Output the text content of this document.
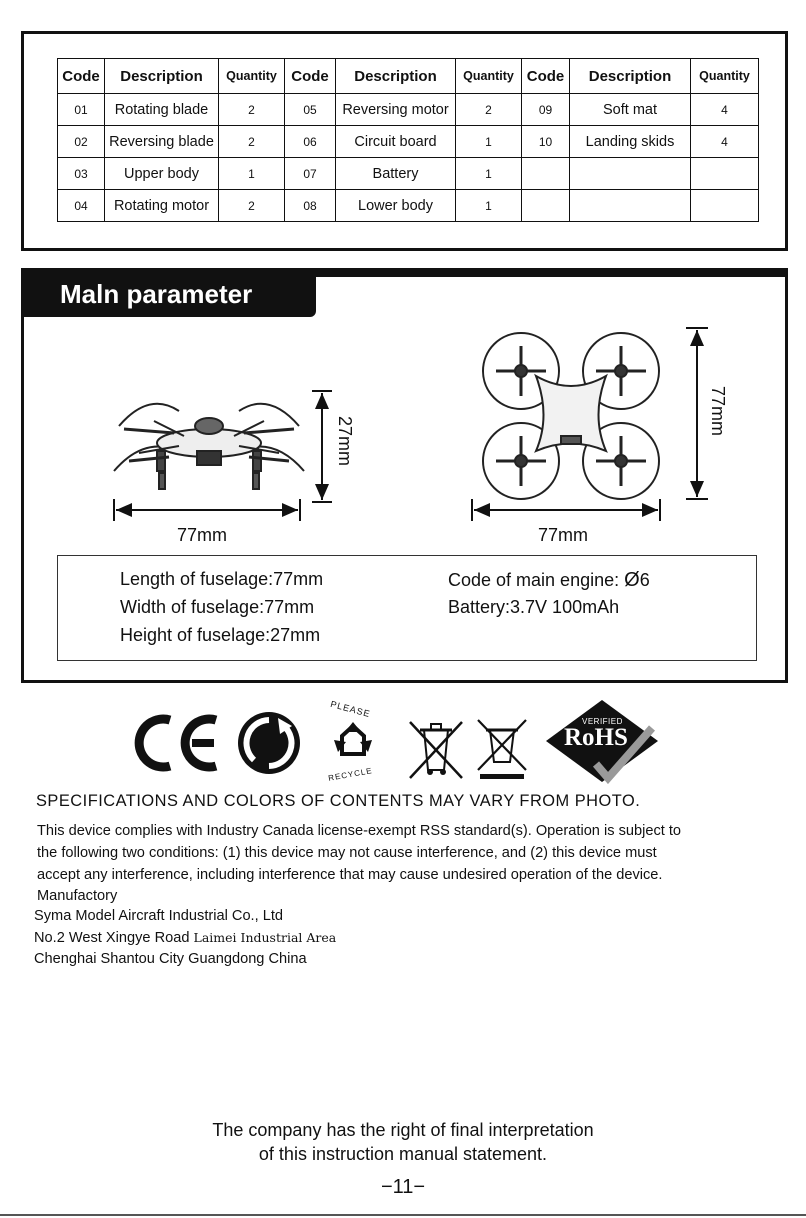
Code	Description	Quantity	Code	Description	Quantity	Code	Description	Quantity
01	Rotating blade	2	05	Reversing motor	2	09	Soft mat	4
02	Reversing blade	2	06	Circuit board	1	10	Landing skids	4
03	Upper body	1	07	Battery	1			
04	Rotating motor	2	08	Lower body	1			
Maln parameter
27mm
77mm
77mm
77mm
Length of fuselage:77mm
Width of fuselage:77mm
Height of fuselage:27mm
Code of main engine: Ø6
Battery:3.7V 100mAh
PLEASE
RECYCLE
VERIFIED
RoHS
SPECIFICATIONS AND COLORS OF CONTENTS MAY VARY FROM PHOTO.

This device complies with Industry Canada license-exempt RSS standard(s). Operation is subject to

the following two conditions: (1) this device may not cause interference, and (2) this device must

accept any interference, including interference that may cause undesired operation of the device.

Manufactory

Syma Model Aircraft Industrial Co., Ltd
No.2 West Xingye Road Laimei Industrial Area
Chenghai Shantou City Guangdong China
The company has the right of final interpretation
of this instruction manual statement.
−11−
